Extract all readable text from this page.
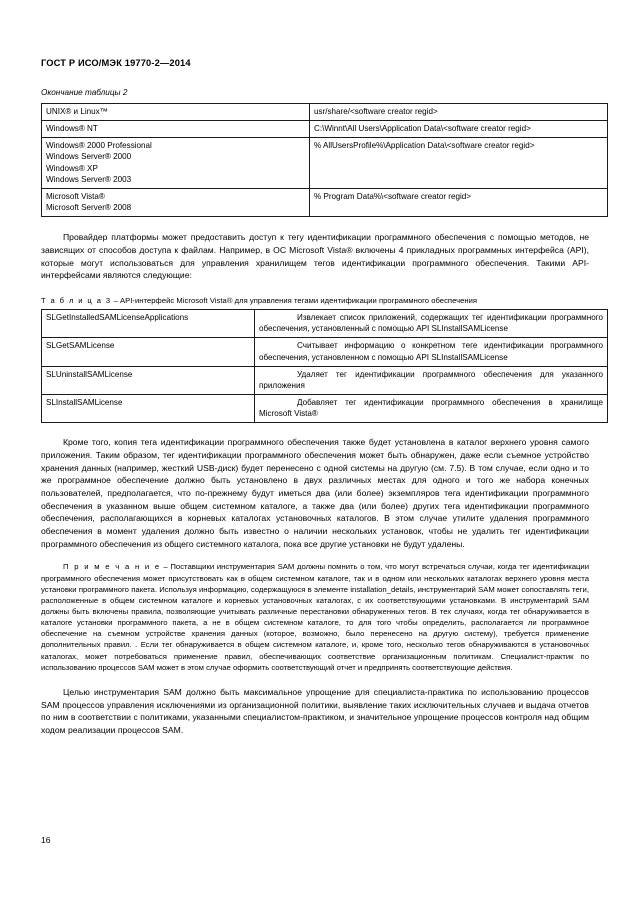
ГОСТ Р ИСО/МЭК 19770-2—2014
Окончание таблицы 2
UNIX® и Linux™	usr/share/<software creator regid>
Windows® NT	C:\Winnt\All Users\Application Data\<software creator regid>
Windows® 2000 Professional
Windows Server® 2000
Windows® XP
Windows Server® 2003	% AllUsersProfile%\Application Data\<software creator regid>
Microsoft Vista®
Microsoft Server® 2008	% Program Data%\<software creator regid>

Провайдер платформы может предоставить доступ к тегу идентификации программного обеспечения с помощью методов, не зависящих от способов доступа к файлам. Например, в ОС Microsoft Vista® включены 4 прикладных программных интерфейса (API), которые могут использоваться для управления хранилищем тегов идентификации программного обеспечения. Такими API-интерфейсами являются следующие:

Т а б л и ц а 3 – API-интерфейс Microsoft Vista® для управления тегами идентификации программного обеспечения
SLGetInstalledSAMLicenseApplications	Извлекает список приложений, содержащих тег идентификации программного обеспечения, установленный с помощью API SLInstallSAMLicense

SLGetSAMLicense	Считывает информацию о конкретном теге идентификации программного обеспечения, установленном с помощью API SLInstallSAMLicense

SLUninstallSAMLicense	Удаляет тег идентификации программного обеспечения для указанного приложения

SLInstallSAMLicense	Добавляет тег идентификации программного обеспечения в хранилище Microsoft Vista®

Кроме того, копия тега идентификации программного обеспечения также будет установлена в каталог верхнего уровня самого приложения. Таким образом, тег идентификации программного обеспечения может быть обнаружен, даже если съемное устройство хранения данных (например, жесткий USB-диск) будет перенесено с одной системы на другую (см. 7.5). В том случае, если одно и то же программное обеспечение должно быть установлено в двух различных местах для одного и того же набора конечных пользователей, предполагается, что по-прежнему будут иметься два (или более) экземпляров тега идентификации программного обеспечения в указанном выше общем системном каталоге, а также два (или более) других тега идентификации программного обеспечения, располагающихся в корневых каталогах установочных каталогов. В этом случае утилите удаления программного обеспечения в момент удаления должно быть известно о наличии нескольких установок, чтобы не удалить тег идентификации программного обеспечения из общего системного каталога, пока все другие установки не будут удалены.

П р и м е ч а н и е – Поставщики инструментария SAM должны помнить о том, что могут встречаться случаи, когда тег идентификации программного обеспечения может присутствовать как в общем системном каталоге, так и в одном или нескольких каталогах верхнего уровня места установки программного пакета. Используя информацию, содержащуюся в элементе installation_details, инструментарий SAM может сопоставлять теги, расположенные в общем системном каталоге и корневых установочных каталогах, с их соответствующими установками. В инструментарий SAM должны быть включены правила, позволяющие учитывать различные перестановки обнаруженных тегов. В тех случаях, когда тег обнаруживается в каталоге установки программного пакета, а не в общем системном каталоге, то для того чтобы определить, располагается ли программное обеспечение на съемном устройстве хранения данных (которое, возможно, было перенесено на другую систему), требуется применение дополнительных правил. . Если тег обнаруживается в общем системном каталоге, и, кроме того, несколько тегов обнаруживаются в установочных каталогах, может потребоваться применение правил, обеспечивающих соответствие организационным политикам. Специалист-практик по использованию процессов SAM может в этом случае оформить соответствующий отчет и предпринять соответствующие действия.

Целью инструментария SAM должно быть максимальное упрощение для специалиста-практика по использованию процессов SAM процессов управления исключениями из организационной политики, выявление таких исключительных случаев и выдача отчетов по ним в соответствии с политиками, указанными специалистом-практиком, и значительное упрощение процессов контроля над общим ходом реализации процессов SAM.

16
